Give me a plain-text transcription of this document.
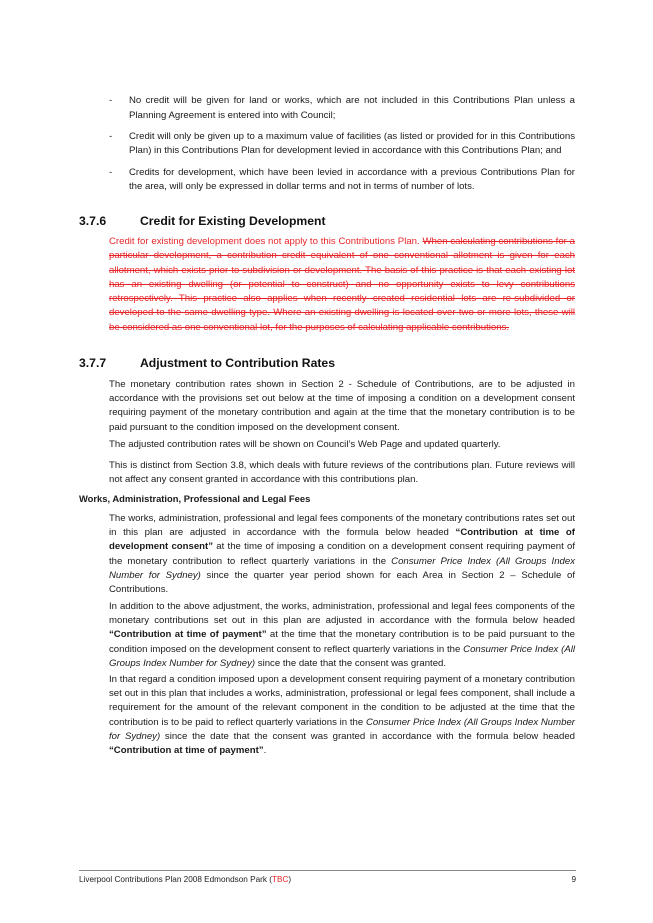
- No credit will be given for land or works, which are not included in this Contributions Plan unless a Planning Agreement is entered into with Council;
- Credit will only be given up to a maximum value of facilities (as listed or provided for in this Contributions Plan) in this Contributions Plan for development levied in accordance with this Contributions Plan; and
- Credits for development, which have been levied in accordance with a previous Contributions Plan for the area, will only be expressed in dollar terms and not in terms of number of lots.
3.7.6	Credit for Existing Development

Credit for existing development does not apply to this Contributions Plan. When calculating contributions for a particular development, a contribution credit equivalent of one conventional allotment is given for each allotment, which exists prior to subdivision or development. The basis of this practice is that each existing lot has an existing dwelling (or potential to construct) and no opportunity exists to levy contributions retrospectively. This practice also applies when recently created residential lots are re-subdivided or developed to the same dwelling type. Where an existing dwelling is located over two or more lots, these will be considered as one conventional lot, for the purposes of calculating applicable contributions.

3.7.7	Adjustment to Contribution Rates

The monetary contribution rates shown in Section 2 - Schedule of Contributions, are to be adjusted in accordance with the provisions set out below at the time of imposing a condition on a development consent requiring payment of the monetary contribution and again at the time that the monetary contribution is to be paid pursuant to the condition imposed on the development consent.

The adjusted contribution rates will be shown on Council’s Web Page and updated quarterly.

This is distinct from Section 3.8, which deals with future reviews of the contributions plan. Future reviews will not affect any consent granted in accordance with this contributions plan.

Works, Administration, Professional and Legal Fees

The works, administration, professional and legal fees components of the monetary contributions rates set out in this plan are adjusted in accordance with the formula below headed “Contribution at time of development consent” at the time of imposing a condition on a development consent requiring payment of the monetary contribution to reflect quarterly variations in the Consumer Price Index (All Groups Index Number for Sydney) since the quarter year period shown for each Area in Section 2 – Schedule of Contributions.

In addition to the above adjustment, the works, administration, professional and legal fees components of the monetary contributions set out in this plan are adjusted in accordance with the formula below headed “Contribution at time of payment” at the time that the monetary contribution is to be paid pursuant to the condition imposed on the development consent to reflect quarterly variations in the Consumer Price Index (All Groups Index Number for Sydney) since the date that the consent was granted.

In that regard a condition imposed upon a development consent requiring payment of a monetary contribution set out in this plan that includes a works, administration, professional or legal fees component, shall include a requirement for the amount of the relevant component in the condition to be adjusted at the time that the contribution is to be paid to reflect quarterly variations in the Consumer Price Index (All Groups Index Number for Sydney) since the date that the consent was granted in accordance with the formula below headed “Contribution at time of payment”.

Liverpool Contributions Plan 2008 Edmondson Park (TBC)	9
